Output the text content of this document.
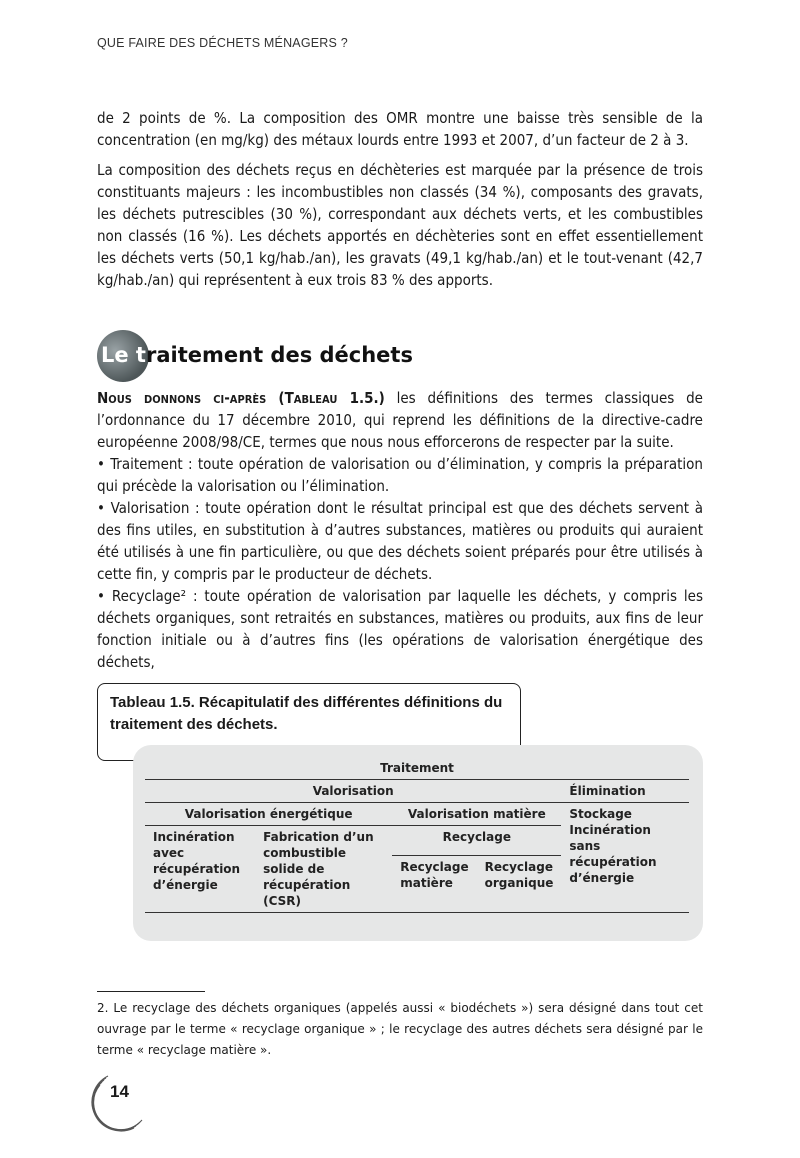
QUE FAIRE DES DÉCHETS MÉNAGERS ?

de 2 points de %. La composition des OMR montre une baisse très sensible de la concentration (en mg/kg) des métaux lourds entre 1993 et 2007, d’un facteur de 2 à 3.

La composition des déchets reçus en déchèteries est marquée par la présence de trois constituants majeurs : les incombustibles non classés (34 %), composants des gravats, les déchets putrescibles (30 %), correspondant aux déchets verts, et les combustibles non classés (16 %). Les déchets apportés en déchèteries sont en effet essentiellement les déchets verts (50,1 kg/hab./an), les gravats (49,1 kg/hab./an) et le tout-venant (42,7 kg/hab./an) qui représentent à eux trois 83 % des apports.

Le traitement des déchets

Nous donnons ci-après (Tableau 1.5.) les définitions des termes classiques de l’ordonnance du 17 décembre 2010, qui reprend les définitions de la directive-cadre européenne 2008/98/CE, termes que nous nous efforcerons de respecter par la suite.

• Traitement : toute opération de valorisation ou d’élimination, y compris la préparation qui précède la valorisation ou l’élimination.

• Valorisation : toute opération dont le résultat principal est que des déchets servent à des fins utiles, en substitution à d’autres substances, matières ou produits qui auraient été utilisés à une fin particulière, ou que des déchets soient préparés pour être utilisés à cette fin, y compris par le producteur de déchets.

• Recyclage² : toute opération de valorisation par laquelle les déchets, y compris les déchets organiques, sont retraités en substances, matières ou produits, aux fins de leur fonction initiale ou à d’autres fins (les opérations de valorisation énergétique des déchets,

Tableau 1.5. Récapitulatif des différentes définitions du traitement des déchets.
Traitement				
Valorisation				Élimination
Valorisation énergétique		Valorisation matière		Stockage Incinération sans récupération d’énergie
Incinération avec récupération d’énergie	Fabrication d’un combustible solide de récupération (CSR)	Recyclage		
		Recyclage matière	Recyclage organique	
2. Le recyclage des déchets organiques (appelés aussi « biodéchets ») sera désigné dans tout cet ouvrage par le terme « recyclage organique » ; le recyclage des autres déchets sera désigné par le terme « recyclage matière ».
14
